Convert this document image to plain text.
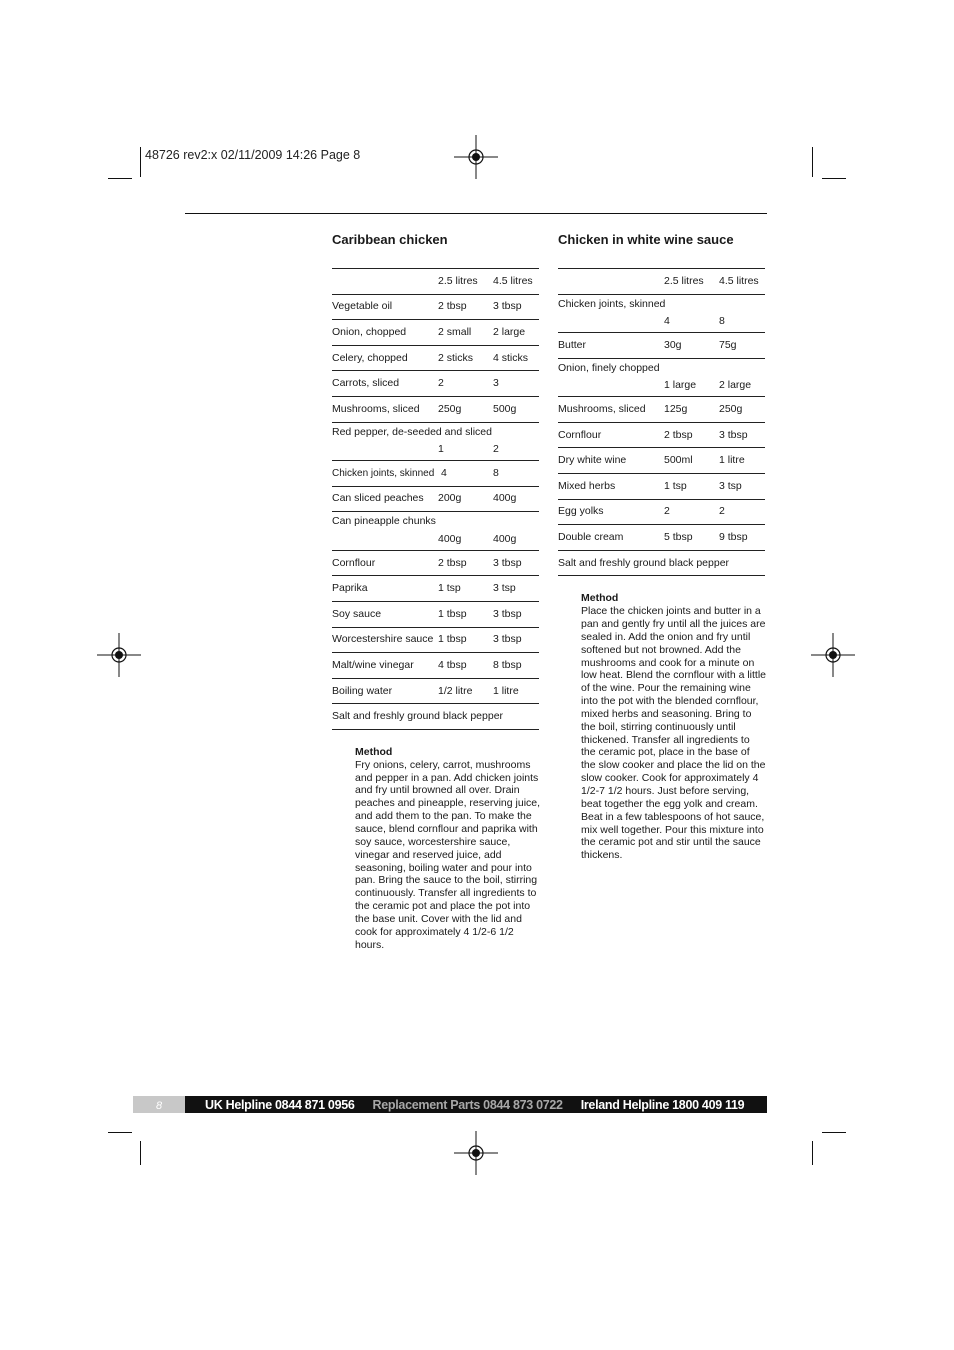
48726 rev2:x 02/11/2009 14:26 Page 8
Caribbean chicken
2.5 litres	4.5 litres
Vegetable oil	2 tbsp	3 tbsp
Onion, chopped	2 small	2 large
Celery, chopped	2 sticks	4 sticks
Carrots, sliced	2	3
Mushrooms, sliced	250g	500g
Red pepper, de-seeded and sliced
1	2
Chicken joints, skinned 4	8
Can sliced peaches	200g	400g
Can pineapple chunks
400g	400g
Cornflour	2 tbsp	3 tbsp
Paprika	1 tsp	3 tsp
Soy sauce	1 tbsp	3 tbsp
Worcestershire sauce 1 tbsp	3 tbsp
Malt/wine vinegar	4 tbsp	8 tbsp
Boiling water	1/2 litre	1 litre
Salt and freshly ground black pepper
Method
Fry onions, celery, carrot, mushrooms and pepper in a pan. Add chicken joints and fry until browned all over. Drain peaches and pineapple, reserving juice, and add them to the pan. To make the sauce, blend cornflour and paprika with soy sauce, worcestershire sauce, vinegar and reserved juice, add seasoning, boiling water and pour into pan. Bring the sauce to the boil, stirring continuously. Transfer all ingredients to the ceramic pot and place the pot into the base unit. Cover with the lid and cook for approximately 4 1/2-6 1/2 hours.
Chicken in white wine sauce
2.5 litres	4.5 litres
Chicken joints, skinned
4	8
Butter	30g	75g
Onion, finely chopped
1 large	2 large
Mushrooms, sliced	125g	250g
Cornflour	2 tbsp	3 tbsp
Dry white wine	500ml	1 litre
Mixed herbs	1 tsp	3 tsp
Egg yolks	2	2
Double cream	5 tbsp	9 tbsp
Salt and freshly ground black pepper
Method
Place the chicken joints and butter in a pan and gently fry until all the juices are sealed in. Add the onion and fry until softened but not browned. Add the mushrooms and cook for a minute on low heat. Blend the cornflour with a little of the wine. Pour the remaining wine into the pot with the blended cornflour, mixed herbs and seasoning. Bring to the boil, stirring continuously until thickened. Transfer all ingredients to the ceramic pot, place in the base of the slow cooker and place the lid on the slow cooker. Cook for approximately 4 1/2-7 1/2 hours. Just before serving, beat together the egg yolk and cream. Beat in a few tablespoons of hot sauce, mix well together. Pour this mixture into the ceramic pot and stir until the sauce thickens.
8	UK Helpline 0844 871 0956 Replacement Parts 0844 873 0722 Ireland Helpline 1800 409 119
